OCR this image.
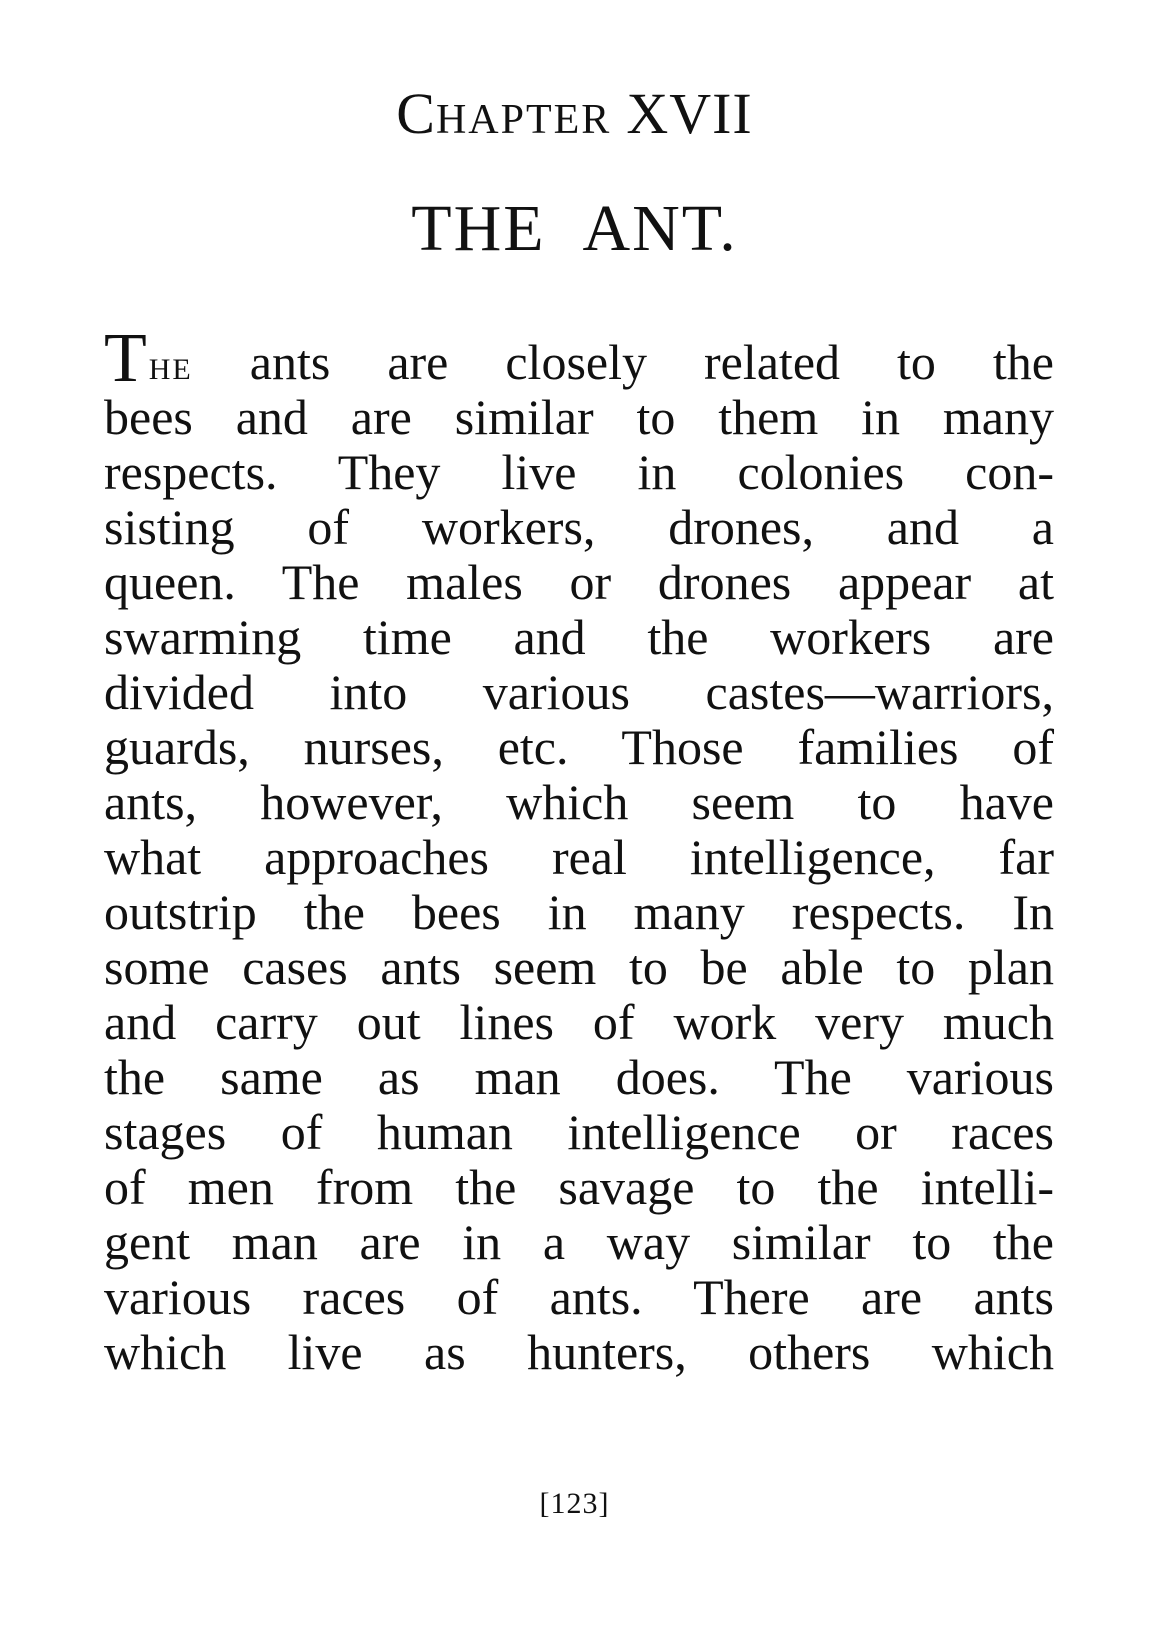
CHAPTER XVII
THE ANT.
THE ants are closely related to the
bees and are similar to them in many
respects. They live in colonies con-
sisting of workers, drones, and a
queen. The males or drones appear at
swarming time and the workers are
divided into various castes—warriors,
guards, nurses, etc. Those families of
ants, however, which seem to have
what approaches real intelligence, far
outstrip the bees in many respects. In
some cases ants seem to be able to plan
and carry out lines of work very much
the same as man does. The various
stages of human intelligence or races
of men from the savage to the intelli-
gent man are in a way similar to the
various races of ants. There are ants
which live as hunters, others which
[123]
